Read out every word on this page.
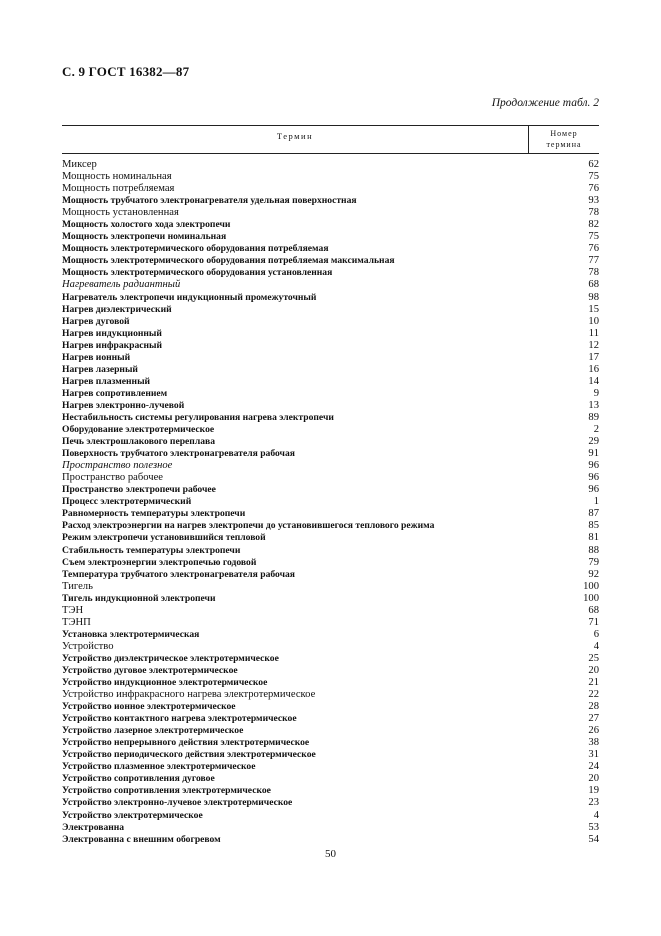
С. 9 ГОСТ 16382—87
Продолжение табл. 2
Термин	Номер
термина
Миксер	62
Мощность номинальная	75
Мощность потребляемая	76
Мощность трубчатого электронагревателя удельная поверхностная	93
Мощность установленная	78
Мощность холостого хода электропечи	82
Мощность электропечи номинальная	75
Мощность электротермического оборудования потребляемая	76
Мощность электротермического оборудования потребляемая максимальная	77
Мощность электротермического оборудования установленная	78
Нагреватель радиантный	68
Нагреватель электропечи индукционный промежуточный	98
Нагрев диэлектрический	15
Нагрев дуговой	10
Нагрев индукционный	11
Нагрев инфракрасный	12
Нагрев ионный	17
Нагрев лазерный	16
Нагрев плазменный	14
Нагрев сопротивлением	9
Нагрев электронно-лучевой	13
Нестабильность системы регулирования нагрева электропечи	89
Оборудование электротермическое	2
Печь электрошлакового переплава	29
Поверхность трубчатого электронагревателя рабочая	91
Пространство полезное	96
Пространство рабочее	96
Пространство электропечи рабочее	96
Процесс электротермический	1
Равномерность температуры электропечи	87
Расход электроэнергии на нагрев электропечи до установившегося теплового режима	85
Режим электропечи установившийся тепловой	81
Стабильность температуры электропечи	88
Съем электроэнергии электропечью годовой	79
Температура трубчатого электронагревателя рабочая	92
Тигель	100
Тигель индукционной электропечи	100
ТЭН	68
ТЭНП	71
Установка электротермическая	6
Устройство	4
Устройство диэлектрическое электротермическое	25
Устройство дуговое электротермическое	20
Устройство индукционное электротермическое	21
Устройство инфракрасного нагрева электротермическое	22
Устройство ионное электротермическое	28
Устройство контактного нагрева электротермическое	27
Устройство лазерное электротермическое	26
Устройство непрерывного действия электротермическое	38
Устройство периодического действия электротермическое	31
Устройство плазменное электротермическое	24
Устройство сопротивления дуговое	20
Устройство сопротивления электротермическое	19
Устройство электронно-лучевое электротермическое	23
Устройство электротермическое	4
Электрованна	53
Электрованна с внешним обогревом	54
50
